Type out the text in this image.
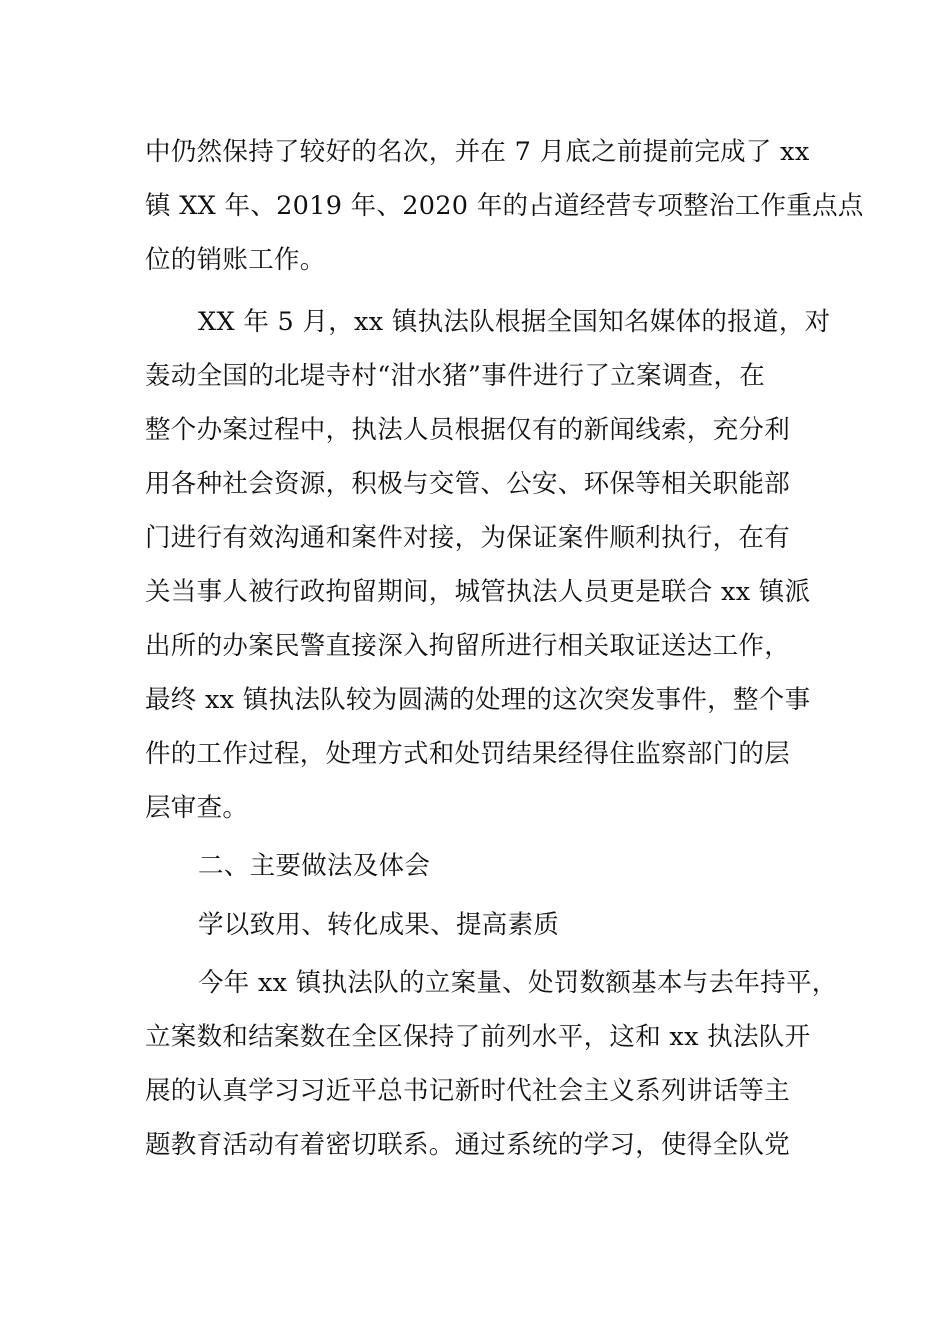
中仍然保持了较好的名次，并在 7 月底之前提前完成了 xx
镇 XX 年、2019 年、2020 年的占道经营专项整治工作重点点
位的销账工作。
XX 年 5 月，xx 镇执法队根据全国知名媒体的报道，对
轰动全国的北堤寺村“泔水猪”事件进行了立案调查，在
整个办案过程中，执法人员根据仅有的新闻线索，充分利
用各种社会资源，积极与交管、公安、环保等相关职能部
门进行有效沟通和案件对接，为保证案件顺利执行，在有
关当事人被行政拘留期间，城管执法人员更是联合 xx 镇派
出所的办案民警直接深入拘留所进行相关取证送达工作，
最终 xx 镇执法队较为圆满的处理的这次突发事件，整个事
件的工作过程，处理方式和处罚结果经得住监察部门的层
层审查。
二、主要做法及体会
学以致用、转化成果、提高素质
今年 xx 镇执法队的立案量、处罚数额基本与去年持平，
立案数和结案数在全区保持了前列水平，这和 xx 执法队开
展的认真学习习近平总书记新时代社会主义系列讲话等主
题教育活动有着密切联系。通过系统的学习，使得全队党
